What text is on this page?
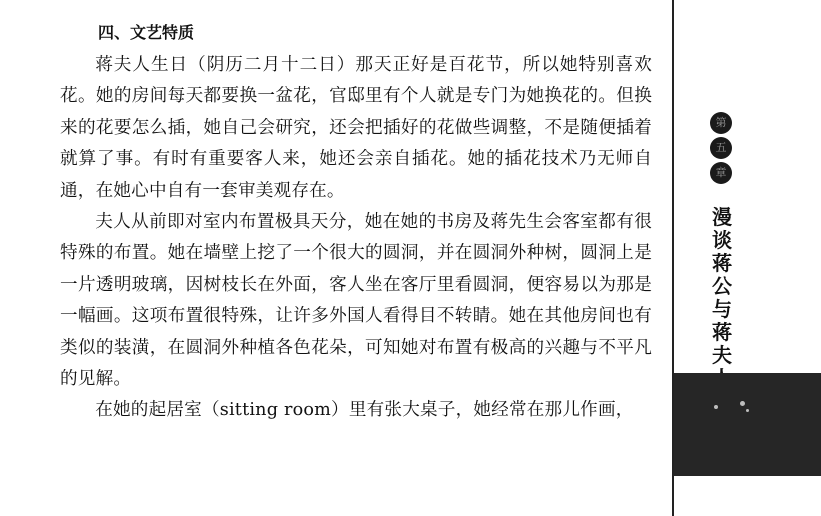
四、文艺特质

蒋夫人生日（阴历二月十二日）那天正好是百花节，所以她特别喜欢花。她的房间每天都要换一盆花，官邸里有个人就是专门为她换花的。但换来的花要怎么插，她自己会研究，还会把插好的花做些调整，不是随便插着就算了事。有时有重要客人来，她还会亲自插花。她的插花技术乃无师自通，在她心中自有一套审美观存在。

夫人从前即对室内布置极具天分，她在她的书房及蒋先生会客室都有很特殊的布置。她在墙壁上挖了一个很大的圆洞，并在圆洞外种树，圆洞上是一片透明玻璃，因树枝长在外面，客人坐在客厅里看圆洞，便容易以为那是一幅画。这项布置很特殊，让许多外国人看得目不转睛。她在其他房间也有类似的装潢，在圆洞外种植各色花朵，可知她对布置有极高的兴趣与不平凡的见解。

在她的起居室（sitting room）里有张大桌子，她经常在那儿作画，

第
五
章
漫
谈
蒋
公
与
蒋
夫
